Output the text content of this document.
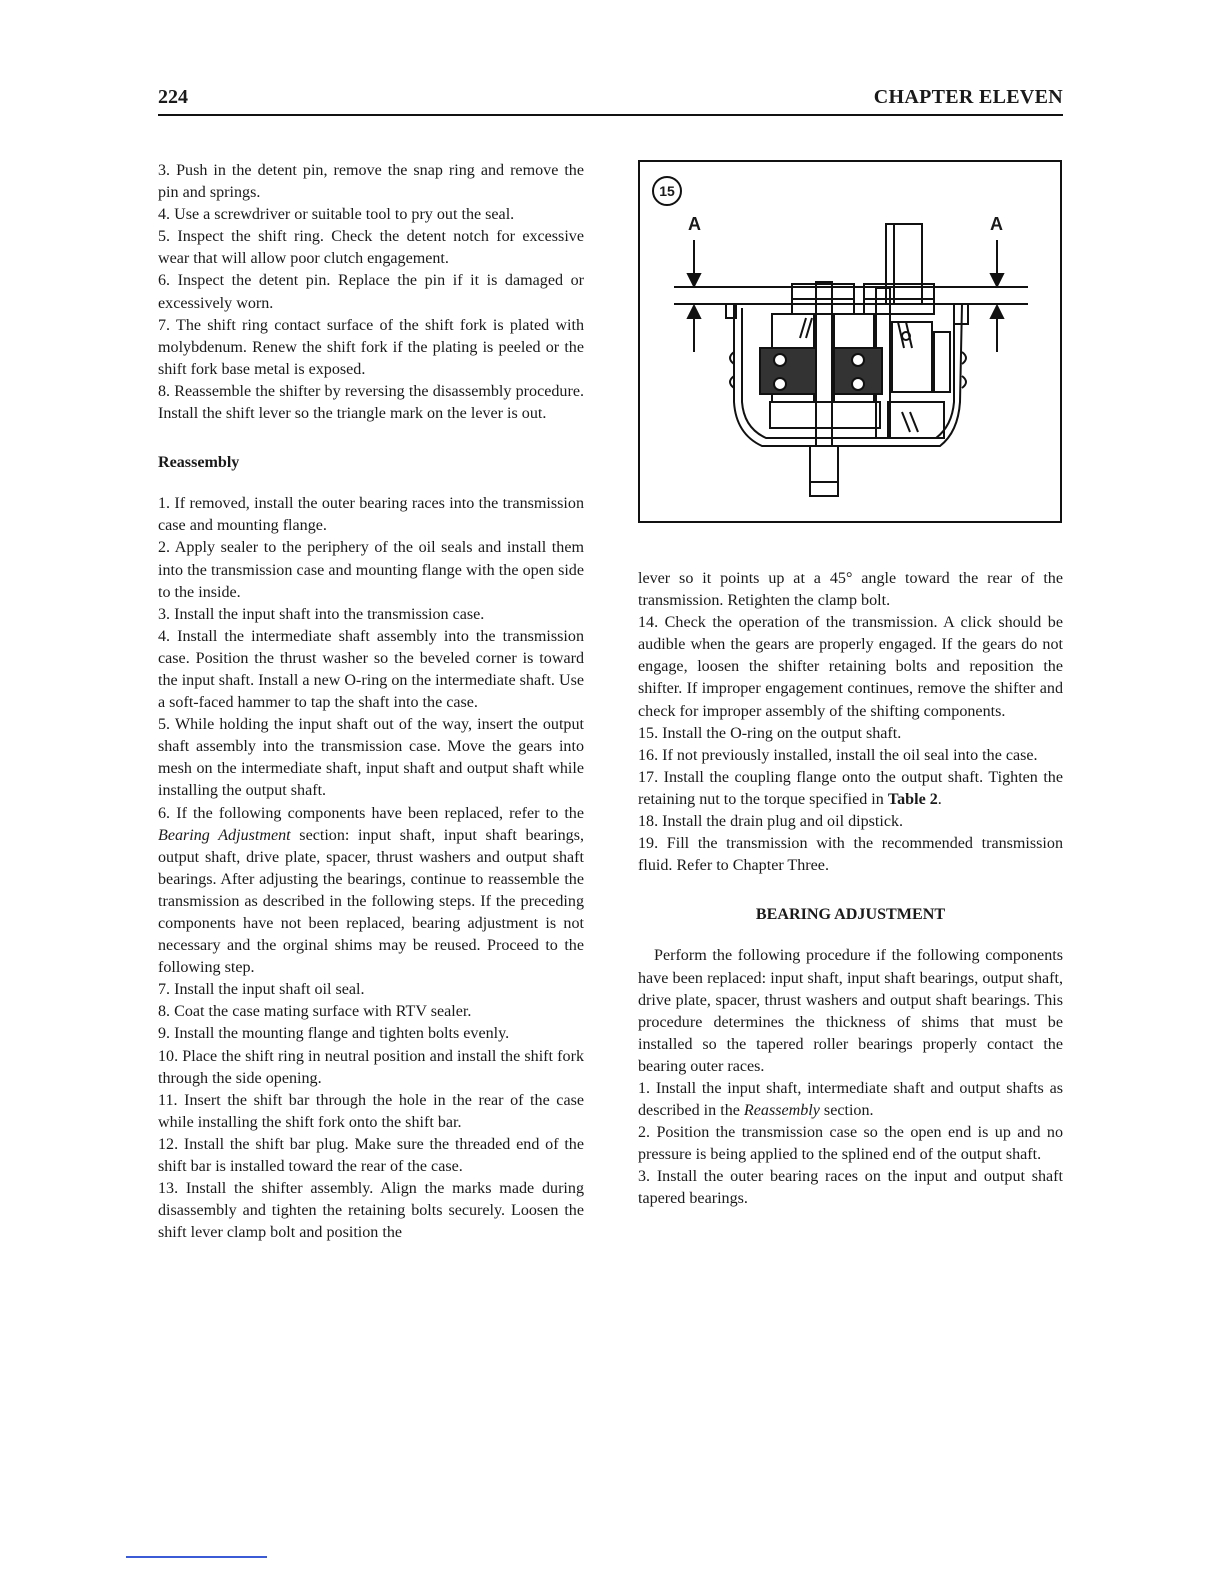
224	CHAPTER ELEVEN

3. Push in the detent pin, remove the snap ring and remove the pin and springs.

4. Use a screwdriver or suitable tool to pry out the seal.

5. Inspect the shift ring. Check the detent notch for excessive wear that will allow poor clutch engagement.

6. Inspect the detent pin. Replace the pin if it is damaged or excessively worn.

7. The shift ring contact surface of the shift fork is plated with molybdenum. Renew the shift fork if the plating is peeled or the shift fork base metal is exposed.

8. Reassemble the shifter by reversing the disassembly procedure. Install the shift lever so the triangle mark on the lever is out.

Reassembly

1. If removed, install the outer bearing races into the transmission case and mounting flange.

2. Apply sealer to the periphery of the oil seals and install them into the transmission case and mounting flange with the open side to the inside.

3. Install the input shaft into the transmission case.

4. Install the intermediate shaft assembly into the transmission case. Position the thrust washer so the beveled corner is toward the input shaft. Install a new O-ring on the intermediate shaft. Use a soft-faced hammer to tap the shaft into the case.

5. While holding the input shaft out of the way, insert the output shaft assembly into the transmission case. Move the gears into mesh on the intermediate shaft, input shaft and output shaft while installing the output shaft.

6. If the following components have been replaced, refer to the Bearing Adjustment section: input shaft, input shaft bearings, output shaft, drive plate, spacer, thrust washers and output shaft bearings. After adjusting the bearings, continue to reassemble the transmission as described in the following steps. If the preceding components have not been replaced, bearing adjustment is not necessary and the orginal shims may be reused. Proceed to the following step.

7. Install the input shaft oil seal.

8. Coat the case mating surface with RTV sealer.

9. Install the mounting flange and tighten bolts evenly.

10. Place the shift ring in neutral position and install the shift fork through the side opening.

11. Insert the shift bar through the hole in the rear of the case while installing the shift fork onto the shift bar.

12. Install the shift bar plug. Make sure the threaded end of the shift bar is installed toward the rear of the case.

13. Install the shifter assembly. Align the marks made during disassembly and tighten the retaining bolts securely. Loosen the shift lever clamp bolt and position the

15
A	A

lever so it points up at a 45° angle toward the rear of the transmission. Retighten the clamp bolt.

14. Check the operation of the transmission. A click should be audible when the gears are properly engaged. If the gears do not engage, loosen the shifter retaining bolts and reposition the shifter. If improper engagement continues, remove the shifter and check for improper assembly of the shifting components.

15. Install the O-ring on the output shaft.

16. If not previously installed, install the oil seal into the case.

17. Install the coupling flange onto the output shaft. Tighten the retaining nut to the torque specified in Table 2.

18. Install the drain plug and oil dipstick.

19. Fill the transmission with the recommended transmission fluid. Refer to Chapter Three.

BEARING ADJUSTMENT

Perform the following procedure if the following components have been replaced: input shaft, input shaft bearings, output shaft, drive plate, spacer, thrust washers and output shaft bearings. This procedure determines the thickness of shims that must be installed so the tapered roller bearings properly contact the bearing outer races.

1. Install the input shaft, intermediate shaft and output shafts as described in the Reassembly section.

2. Position the transmission case so the open end is up and no pressure is being applied to the splined end of the output shaft.

3. Install the outer bearing races on the input and output shaft tapered bearings.
